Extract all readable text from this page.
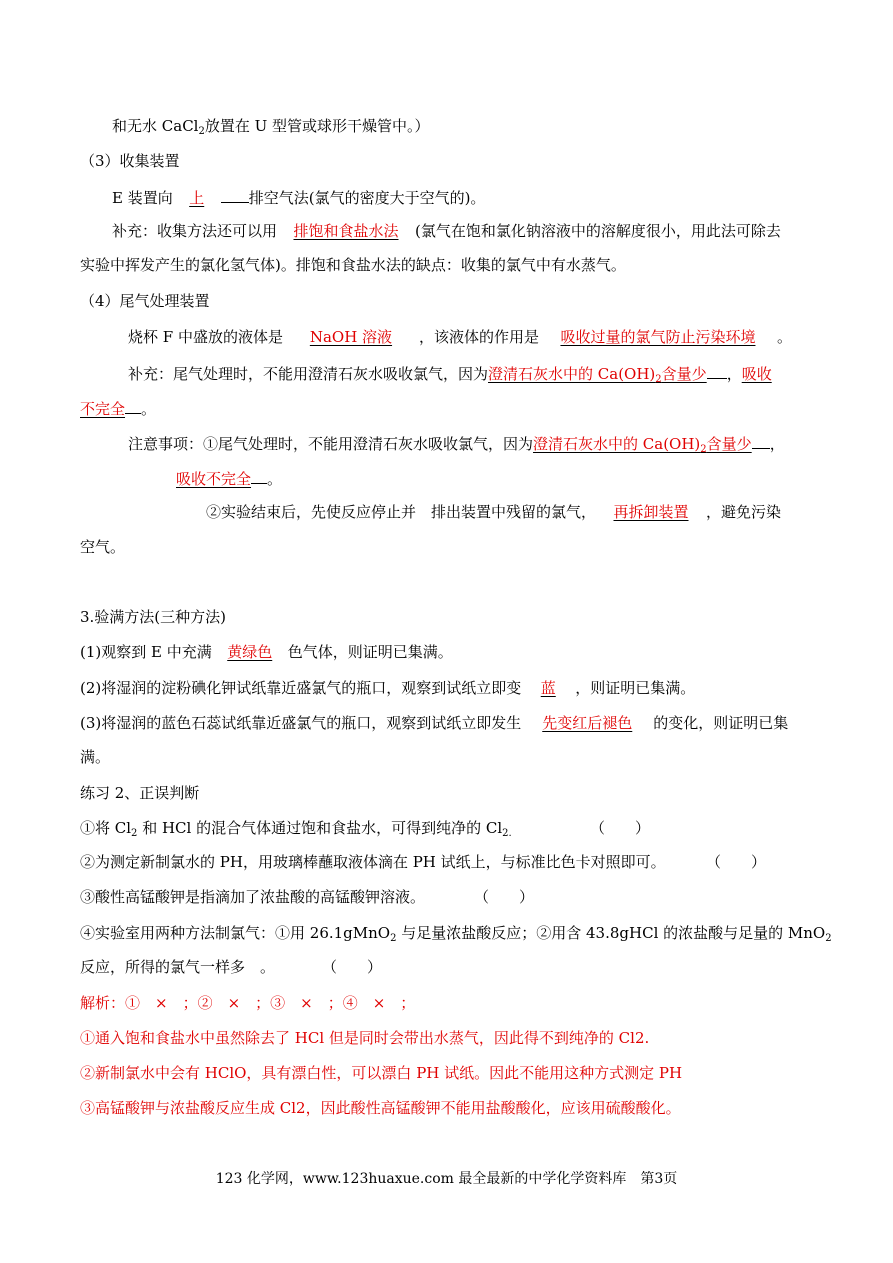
和无水 CaCl$_2$放置在 U 型管或球形干燥管中。）
（3）收集装置
E 装置向 上	排空气法(氯气的密度大于空气的)。
补充：收集方法还可以用 排饱和食盐水法 (氯气在饱和氯化钠溶液中的溶解度很小，用此法可除去
实验中挥发产生的氯化氢气体)。排饱和食盐水法的缺点：收集的氯气中有水蒸气。
（4）尾气处理装置
烧杯 F 中盛放的液体是 NaOH 溶液 ，该液体的作用是 吸收过量的氯气防止污染环境 。
补充：尾气处理时，不能用澄清石灰水吸收氯气，因为澄清石灰水中的 $Ca(OH)_2$含量少 ，吸收
不完全 。
注意事项：①尾气处理时，不能用澄清石灰水吸收氯气，因为澄清石灰水中的 $Ca(OH)_2$含量少 ，
吸收不完全 。
②实验结束后，先使反应停止并　排出装置中残留的氯气， 再拆卸装置 ，避免污染
空气。
3.验满方法(三种方法)
(1)观察到 E 中充满 黄绿色 色气体，则证明已集满。
(2)将湿润的淀粉碘化钾试纸靠近盛氯气的瓶口，观察到试纸立即变 蓝 ，则证明已集满。
(3)将湿润的蓝色石蕊试纸靠近盛氯气的瓶口，观察到试纸立即发生 先变红后褪色 的变化，则证明已集
满。
练习 2、正误判断
①将 $Cl_2$ 和 HCl 的混合气体通过饱和食盐水，可得到纯净的 $Cl_{2.}$	（　　）
②为测定新制氯水的 PH，用玻璃棒蘸取液体滴在 PH 试纸上，与标准比色卡对照即可。	（　　）
③酸性高锰酸钾是指滴加了浓盐酸的高锰酸钾溶液。	（　　）
④实验室用两种方法制氯气：①用 26.1gMnO$_2$ 与足量浓盐酸反应；②用含 43.8gHCl 的浓盐酸与足量的 MnO$_2$
反应，所得的氯气一样多　。	（　　）
解析：①　×　；②　×　；③　×　；④　×　；
①通入饱和食盐水中虽然除去了 HCl 但是同时会带出水蒸气，因此得不到纯净的 Cl2.
②新制氯水中会有 HClO，具有漂白性，可以漂白 PH 试纸。因此不能用这种方式测定 PH
③高锰酸钾与浓盐酸反应生成 Cl2，因此酸性高锰酸钾不能用盐酸酸化，应该用硫酸酸化。
123 化学网，www.123huaxue.com 最全最新的中学化学资料库　第3页
